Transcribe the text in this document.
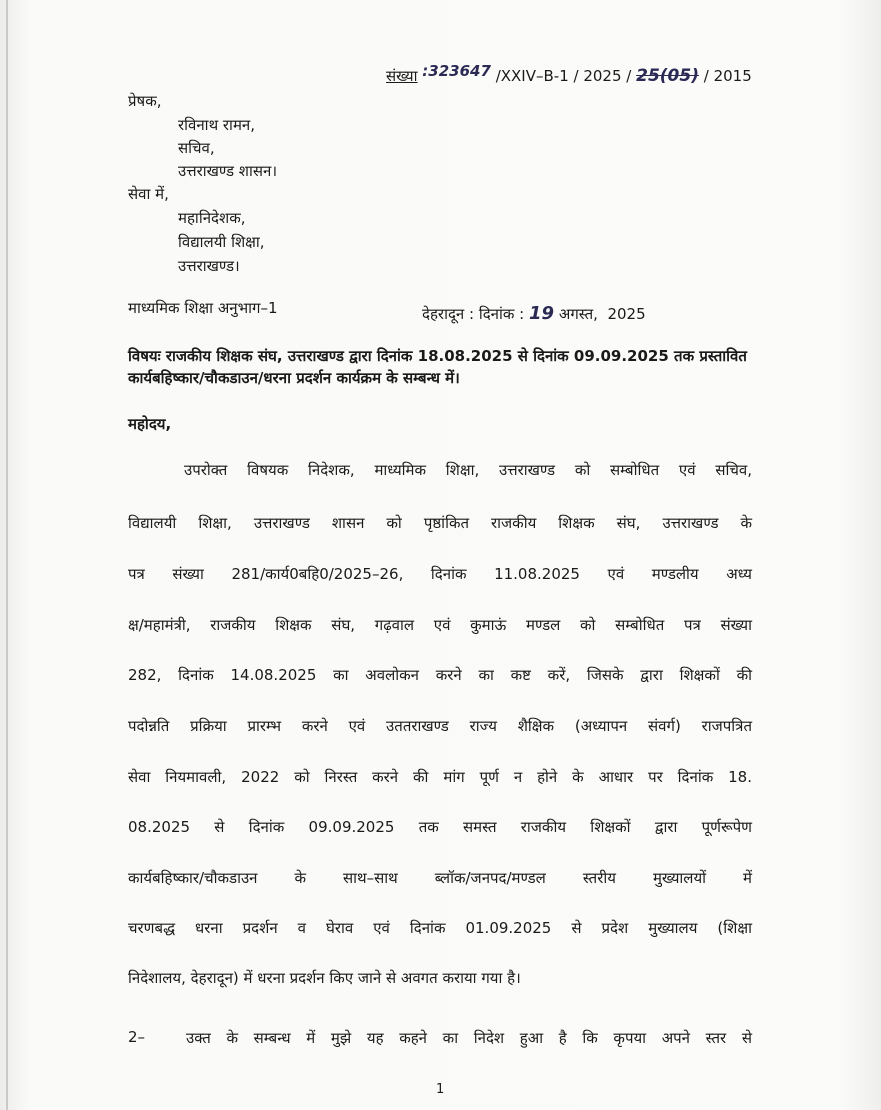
संख्या :323647 /XXIV–B-1 / 2025 / 25(05) / 2015
प्रेषक,
रविनाथ रामन,
सचिव,
उत्तराखण्ड शासन।
सेवा में,
महानिदेशक,
विद्यालयी शिक्षा,
उत्तराखण्ड।
माध्यमिक शिक्षा अनुभाग–1	देहरादून : दिनांक : 19 अगस्त, 2025
विषयः राजकीय शिक्षक संघ, उत्तराखण्ड द्वारा दिनांक 18.08.2025 से दिनांक 09.09.2025 तक प्रस्तावित कार्यबहिष्कार/चौकडाउन/धरना प्रदर्शन कार्यक्रम के सम्बन्ध में।
महोदय,
उपरोक्त विषयक निदेशक, माध्यमिक शिक्षा, उत्तराखण्ड को सम्बोधित एवं सचिव,
विद्यालयी शिक्षा, उत्तराखण्ड शासन को पृष्ठांकित राजकीय शिक्षक संघ, उत्तराखण्ड के
पत्र संख्या 281/कार्य0बहि0/2025–26, दिनांक 11.08.2025 एवं मण्डलीय अध्य
क्ष/महामंत्री, राजकीय शिक्षक संघ, गढ़वाल एवं कुमाऊं मण्डल को सम्बोधित पत्र संख्या
282, दिनांक 14.08.2025 का अवलोकन करने का कष्ट करें, जिसके द्वारा शिक्षकों की
पदोन्नति प्रक्रिया प्रारम्भ करने एवं उततराखण्ड राज्य शैक्षिक (अध्यापन संवर्ग) राजपत्रित
सेवा नियमावली, 2022 को निरस्त करने की मांग पूर्ण न होने के आधार पर दिनांक 18.
08.2025 से दिनांक 09.09.2025 तक समस्त राजकीय शिक्षकों द्वारा पूर्णरूपेण
कार्यबहिष्कार/चौकडाउन के साथ–साथ ब्लॉक/जनपद/मण्डल स्तरीय मुख्यालयों में
चरणबद्ध धरना प्रदर्शन व घेराव एवं दिनांक 01.09.2025 से प्रदेश मुख्यालय (शिक्षा
निदेशालय, देहरादून) में धरना प्रदर्शन किए जाने से अवगत कराया गया है।
2–	उक्त के सम्बन्ध में मुझे यह कहने का निदेश हुआ है कि कृपया अपने स्तर से
1
